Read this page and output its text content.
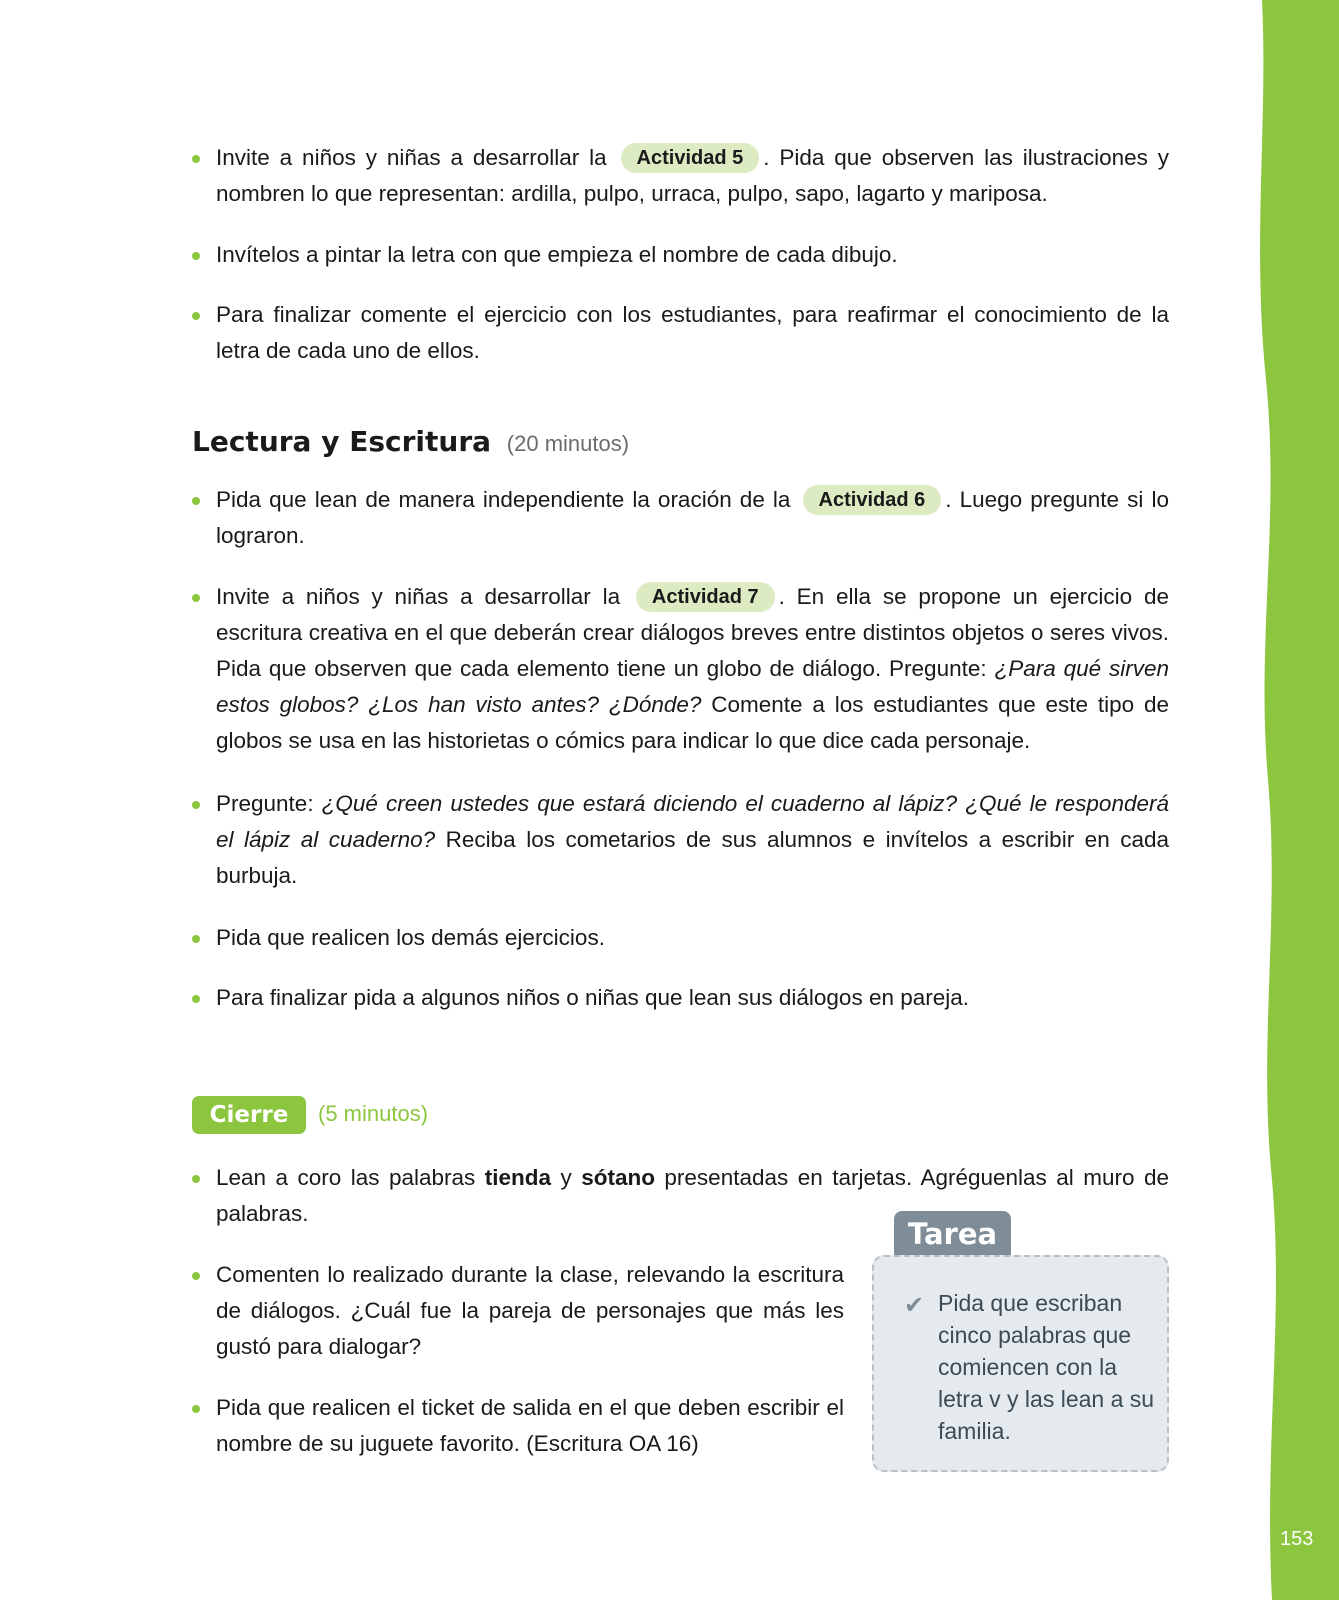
Invite a niños y niñas a desarrollar la Actividad 5 . Pida que observen las ilustraciones y nombren lo que representan: ardilla, pulpo, urraca, pulpo, sapo, lagarto y mariposa.
Invítelos a pintar la letra con que empieza el nombre de cada dibujo.
Para finalizar comente el ejercicio con los estudiantes, para reafirmar el conocimiento de la letra de cada uno de ellos.
Lectura y Escritura (20 minutos)
Pida que lean de manera independiente la oración de la Actividad 6 . Luego pregunte si lo lograron.
Invite a niños y niñas a desarrollar la Actividad 7 . En ella se propone un ejercicio de escritura creativa en el que deberán crear diálogos breves entre distintos objetos o seres vivos. Pida que observen que cada elemento tiene un globo de diálogo. Pregunte: ¿Para qué sirven estos globos? ¿Los han visto antes? ¿Dónde? Comente a los estudiantes que este tipo de globos se usa en las historietas o cómics para indicar lo que dice cada personaje.
Pregunte: ¿Qué creen ustedes que estará diciendo el cuaderno al lápiz? ¿Qué le responderá el lápiz al cuaderno? Reciba los cometarios de sus alumnos e invítelos a escribir en cada burbuja.
Pida que realicen los demás ejercicios.
Para finalizar pida a algunos niños o niñas que lean sus diálogos en pareja.
Cierre	(5 minutos)
Lean a coro las palabras tienda y sótano presentadas en tarjetas. Agréguenlas al muro de palabras.
Comenten lo realizado durante la clase, relevando la escritura de diálogos. ¿Cuál fue la pareja de personajes que más les gustó para dialogar?
Pida que realicen el ticket de salida en el que deben escribir el nombre de su juguete favorito. (Escritura OA 16)
Tarea
✔ Pida que escriban cinco palabras que comiencen con la letra v y las lean a su familia.
153
